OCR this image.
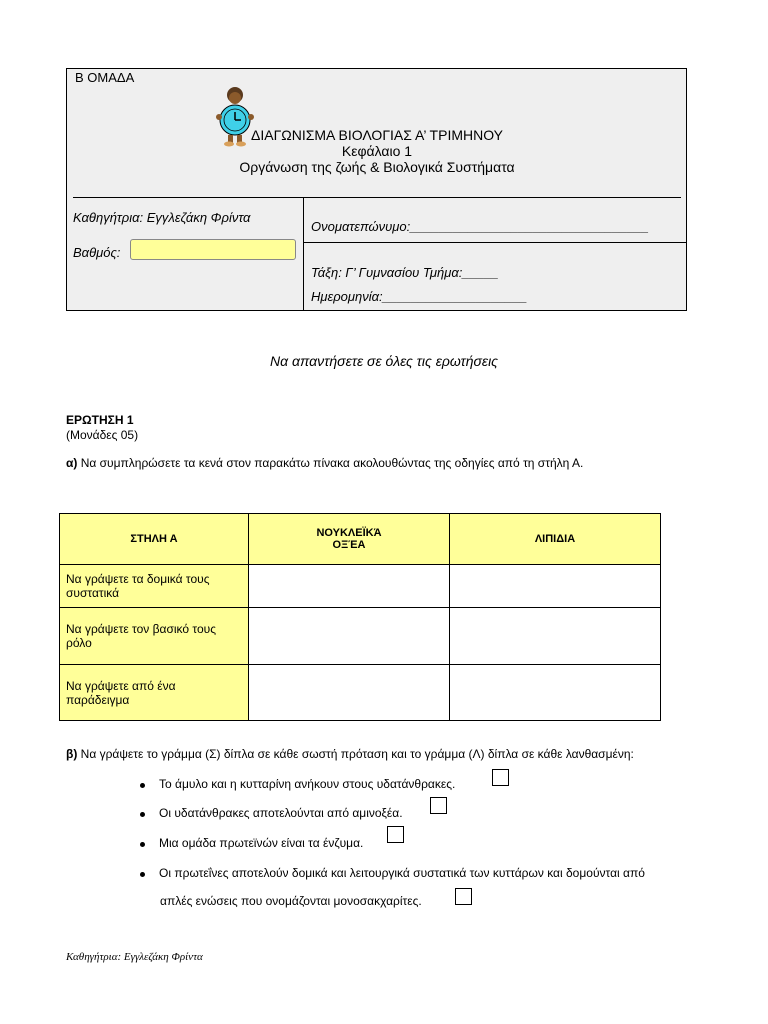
Β ΟΜΑΔΑ
ΔΙΑΓΩΝΙΣΜΑ ΒΙΟΛΟΓΙΑΣ Α’ ΤΡΙΜΗΝΟΥ
Κεφάλαιο 1
Οργάνωση της ζωής & Βιολογικά Συστήματα
Καθηγήτρια: Εγγλεζάκη Φρίντα
Βαθμός:
Ονοματεπώνυμο:_________________________________
Τάξη: Γ’ Γυμνασίου Τμήμα:_____
Ημερομηνία:____________________
Να απαντήσετε σε όλες τις ερωτήσεις
ΕΡΩΤΗΣΗ 1
(Μονάδες 05)
α) Να συμπληρώσετε τα κενά στον παρακάτω πίνακα ακολουθώντας της οδηγίες από τη στήλη Α.
ΣΤΗΛΗ Α	ΝΟΥΚΛΕΪΚΆ ΟΞΈΑ	ΛΙΠΙΔΙΑ
Να γράψετε τα δομικά τους συστατικά		
Να γράψετε τον βασικό τους ρόλο		
Να γράψετε από ένα παράδειγμα		
β) Να γράψετε το γράμμα (Σ) δίπλα σε κάθε σωστή πρόταση και το γράμμα (Λ) δίπλα σε κάθε λανθασμένη:
Το άμυλο και η κυτταρίνη ανήκουν στους υδατάνθρακες.
Οι υδατάνθρακες αποτελούνται από αμινοξέα.
Μια ομάδα πρωτεϊνών είναι τα ένζυμα.
Οι πρωτεΐνες αποτελούν δομικά και λειτουργικά συστατικά των κυττάρων και δομούνται από
απλές ενώσεις που ονομάζονται μονοσακχαρίτες.
Καθηγήτρια: Εγγλεζάκη Φρίντα
